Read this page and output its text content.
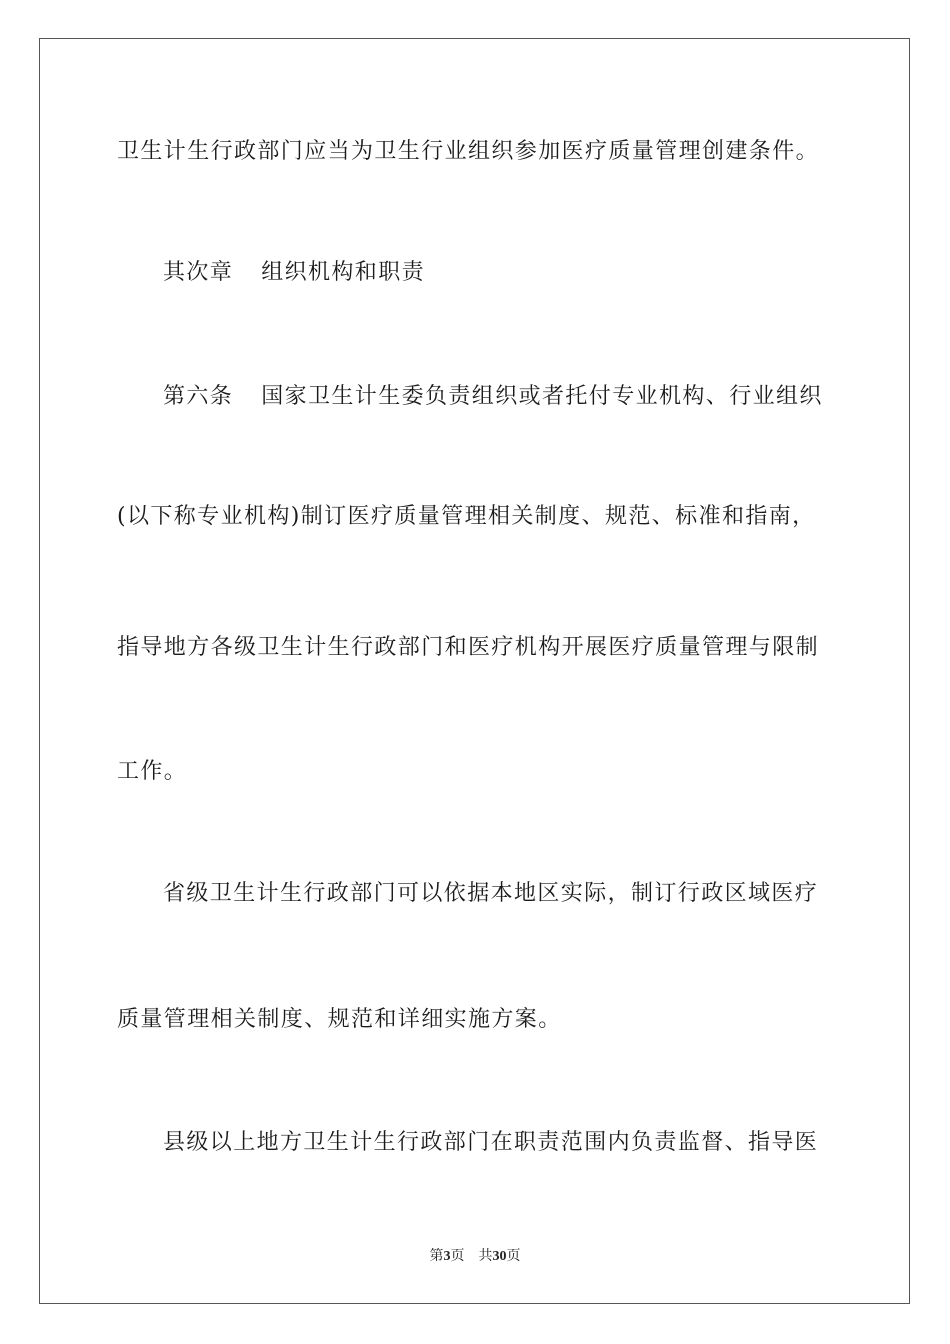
卫生计生行政部门应当为卫生行业组织参加医疗质量管理创建条件。
其次章 组织机构和职责
第六条 国家卫生计生委负责组织或者托付专业机构、行业组织
(以下称专业机构)制订医疗质量管理相关制度、规范、标准和指南，
指导地方各级卫生计生行政部门和医疗机构开展医疗质量管理与限制
工作。
省级卫生计生行政部门可以依据本地区实际，制订行政区域医疗
质量管理相关制度、规范和详细实施方案。
县级以上地方卫生计生行政部门在职责范围内负责监督、指导医
第3页 共30页
